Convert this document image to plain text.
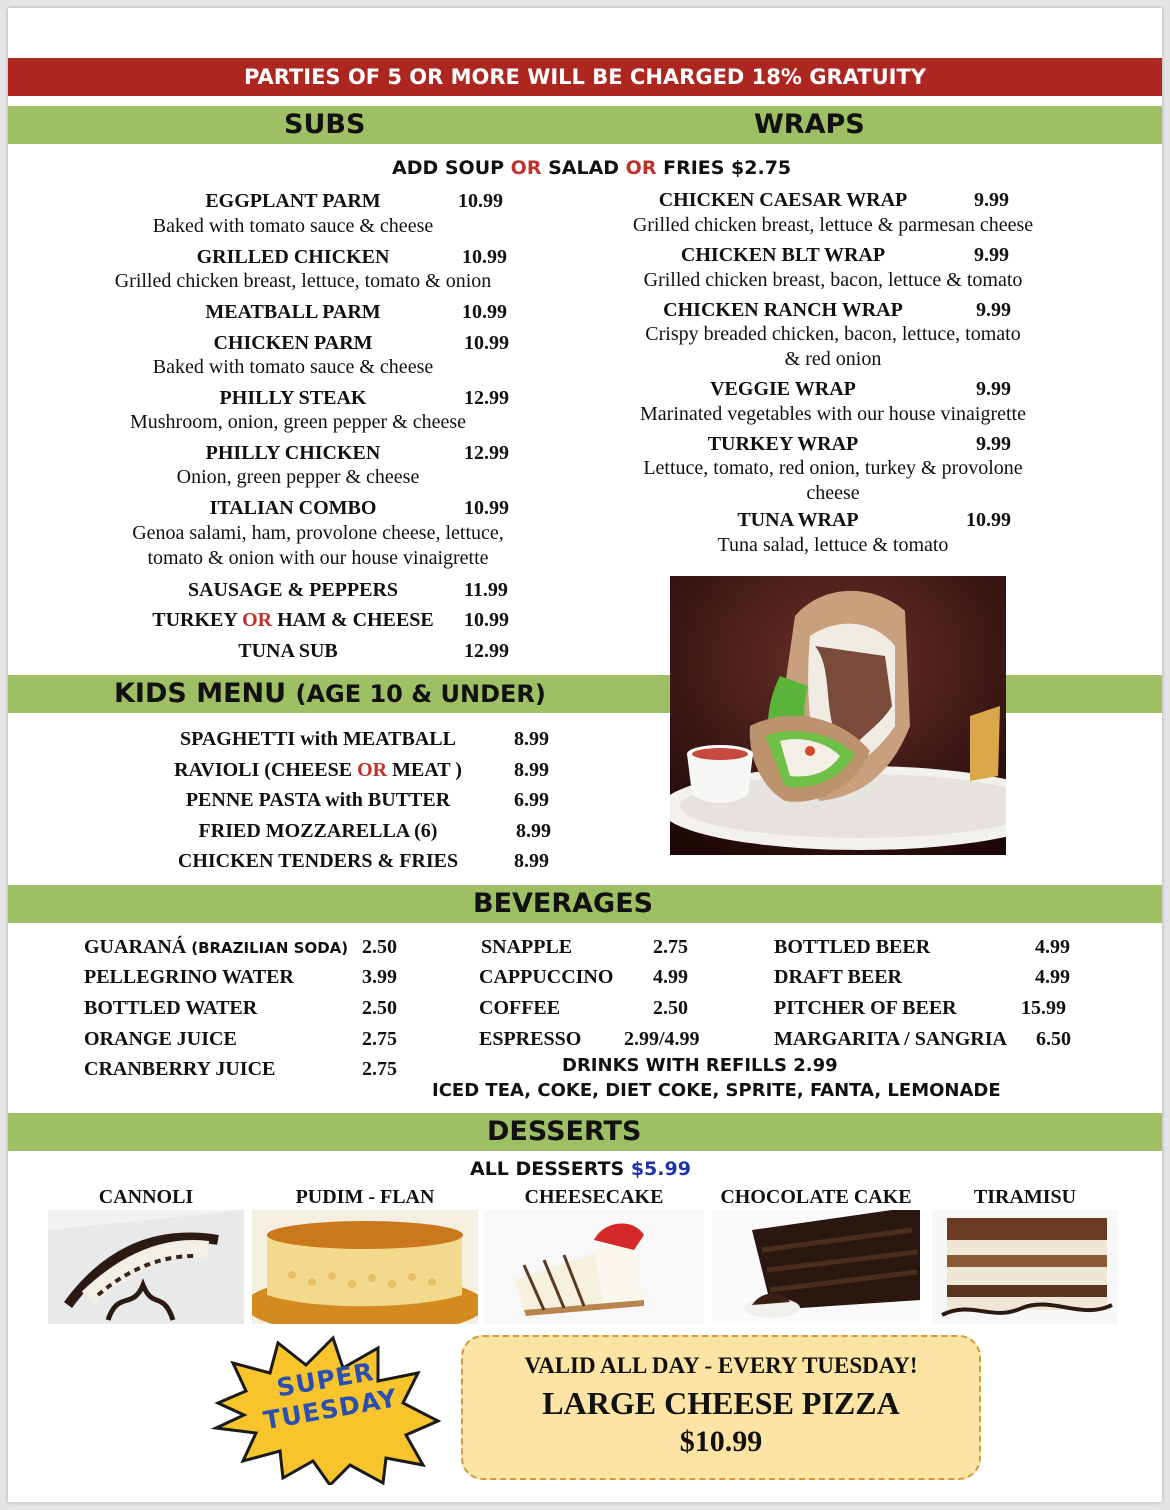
PARTIES OF 5 OR MORE WILL BE CHARGED 18% GRATUITY
SUBS	WRAPS
ADD SOUP OR SALAD OR FRIES $2.75
EGGPLANT PARM	10.99
Baked with tomato sauce & cheese
GRILLED CHICKEN	10.99
Grilled chicken breast, lettuce, tomato & onion
MEATBALL PARM	10.99
CHICKEN PARM	10.99
Baked with tomato sauce & cheese
PHILLY STEAK	12.99
Mushroom, onion, green pepper & cheese
PHILLY CHICKEN	12.99
Onion, green pepper & cheese
ITALIAN COMBO	10.99
Genoa salami, ham, provolone cheese, lettuce,
tomato & onion with our house vinaigrette
SAUSAGE & PEPPERS	11.99
TURKEY OR HAM & CHEESE 10.99
TUNA SUB	12.99
CHICKEN CAESAR WRAP	9.99
Grilled chicken breast, lettuce & parmesan cheese
CHICKEN BLT WRAP	9.99
Grilled chicken breast, bacon, lettuce & tomato
CHICKEN RANCH WRAP	9.99
Crispy breaded chicken, bacon, lettuce, tomato
& red onion
VEGGIE WRAP	9.99
Marinated vegetables with our house vinaigrette
TURKEY WRAP	9.99
Lettuce, tomato, red onion, turkey & provolone
cheese
TUNA WRAP	10.99
Tuna salad, lettuce & tomato
KIDS MENU (AGE 10 & UNDER)
SPAGHETTI with MEATBALL	8.99
RAVIOLI (CHEESE OR MEAT )	8.99
PENNE PASTA with BUTTER	6.99
FRIED MOZZARELLA (6)	8.99
CHICKEN TENDERS & FRIES	8.99
BEVERAGES
GUARANÁ (BRAZILIAN SODA) 2.50
PELLEGRINO WATER	3.99
BOTTLED WATER	2.50
ORANGE JUICE	2.75
CRANBERRY JUICE	2.75
SNAPPLE	2.75
CAPPUCCINO 4.99
COFFEE	2.50
ESPRESSO 2.99/4.99
BOTTLED BEER	4.99
DRAFT BEER	4.99
PITCHER OF BEER	15.99
MARGARITA / SANGRIA 6.50
DRINKS WITH REFILLS 2.99
ICED TEA, COKE, DIET COKE, SPRITE, FANTA, LEMONADE
DESSERTS
ALL DESSERTS $5.99
CANNOLI	PUDIM - FLAN	CHEESECAKE	CHOCOLATE CAKE	TIRAMISU
SUPER TUESDAY
VALID ALL DAY - EVERY TUESDAY!
LARGE CHEESE PIZZA
$10.99
